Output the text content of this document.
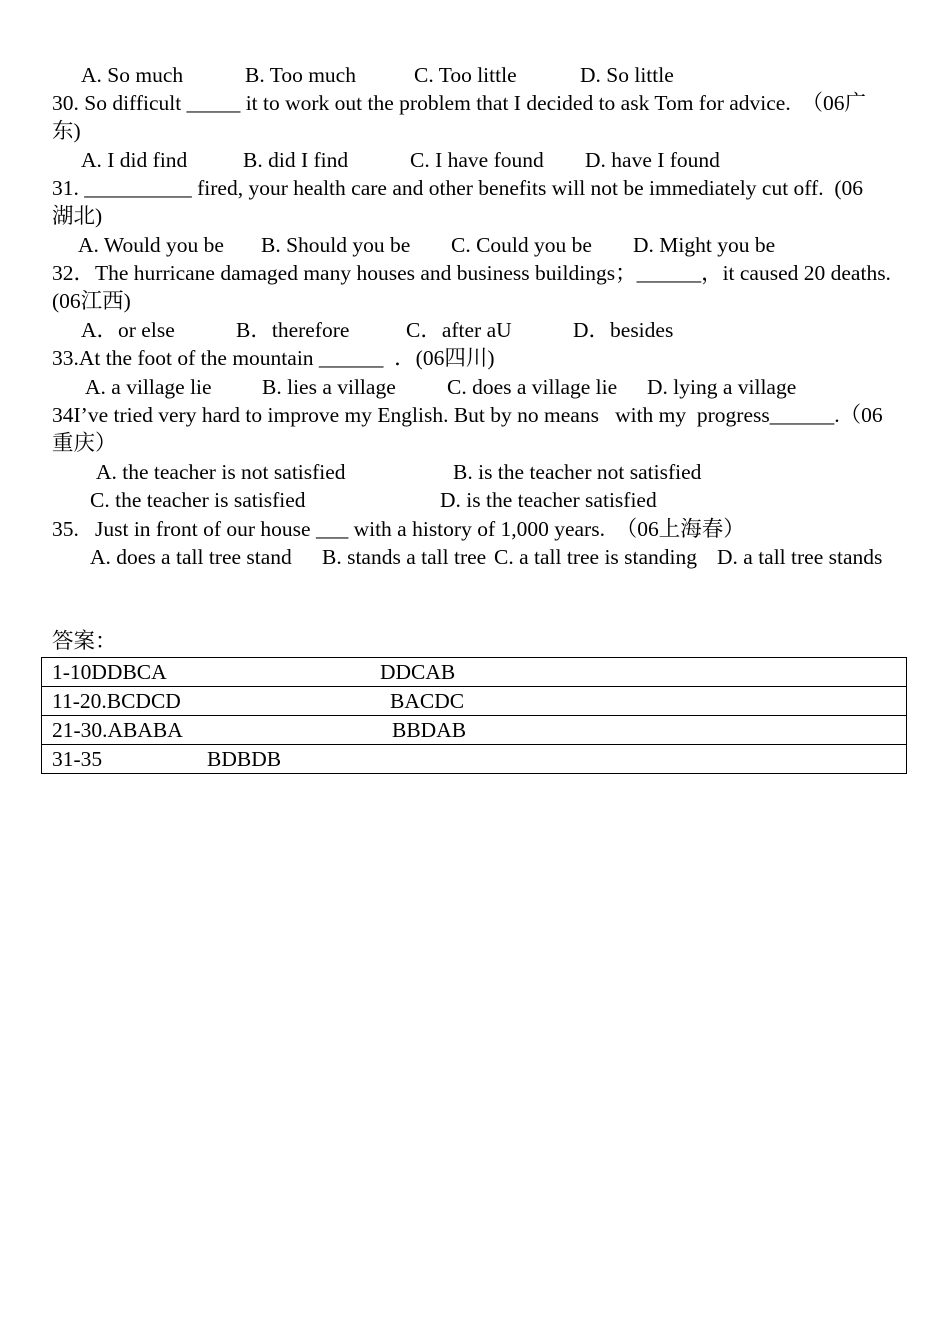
A. So much

	B. Too much

	C. Too little

	D. So little

30. So difficult _____ it to work out the problem that I decided to ask Tom for advice.  （06广

东)

A. I did find

	B. did I find

	C. I have found

D. have I found

31. __________ fired, your health care and other benefits will not be immediately cut off.  (06

湖北)

A. Would you be

B. Should you be

C. Could you be

D. Might you be

32．The hurricane damaged many houses and business buildings；______，it caused 20 deaths.

(06江西)

A．or else

	B．therefore

	C．after aU

	D．besides

33.At the foot of the mountain ______  ．(06四川)

A. a village lie

B. lies a village

C. does a village lie

D. lying a village

34I’ve tried very hard to improve my English. But by no means   with my  progress______.（06

重庆）

A. the teacher is not satisfied

	B. is the teacher not satisfied

C. the teacher is satisfied

	D. is the teacher satisfied

35.   Just in front of our house ___ with a history of 1,000 years.  （06上海春）

A. does a tall tree stand

B. stands a tall tree

C. a tall tree is standing

D. a tall tree stands

答案：
1-10DDBCA	DDCAB
11-20.BCDCD	BACDC
21-30.ABABA	BBDAB
31-35	BDBDB
